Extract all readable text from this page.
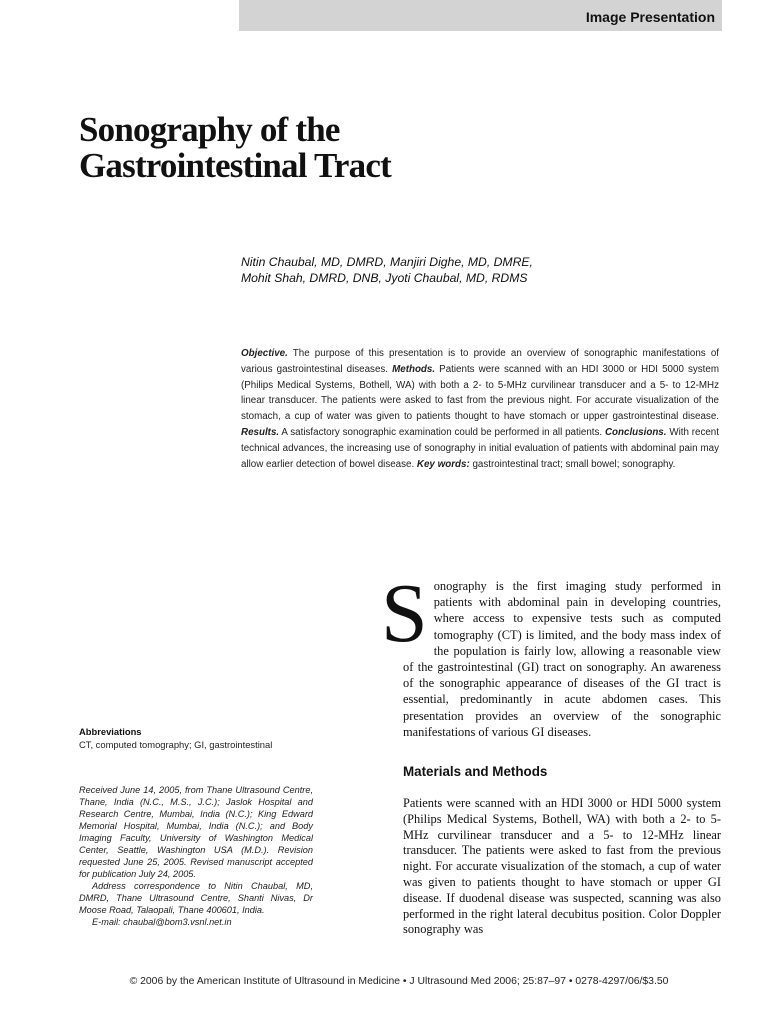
Image Presentation
Sonography of the
Gastrointestinal Tract

Nitin Chaubal, MD, DMRD, Manjiri Dighe, MD, DMRE,
Mohit Shah, DMRD, DNB, Jyoti Chaubal, MD, RDMS

Objective. The purpose of this presentation is to provide an overview of sonographic manifestations of various gastrointestinal diseases. Methods. Patients were scanned with an HDI 3000 or HDI 5000 system (Philips Medical Systems, Bothell, WA) with both a 2- to 5-MHz curvilinear transducer and a 5- to 12-MHz linear transducer. The patients were asked to fast from the previous night. For accurate visualization of the stomach, a cup of water was given to patients thought to have stomach or upper gastrointestinal disease. Results. A satisfactory sonographic examination could be performed in all patients. Conclusions. With recent technical advances, the increasing use of sonography in initial evaluation of patients with abdominal pain may allow earlier detection of bowel disease. Key words: gastrointestinal tract; small bowel; sonography.

Sonography is the first imaging study performed in patients with abdominal pain in developing countries, where access to expensive tests such as computed tomography (CT) is limited, and the body mass index of the population is fairly low, allowing a reasonable view of the gastrointestinal (GI) tract on sonography. An awareness of the sonographic appearance of diseases of the GI tract is essential, predominantly in acute abdomen cases. This presentation provides an overview of the sonographic manifestations of various GI diseases.

Materials and Methods

Patients were scanned with an HDI 3000 or HDI 5000 system (Philips Medical Systems, Bothell, WA) with both a 2- to 5-MHz curvilinear transducer and a 5- to 12-MHz linear transducer. The patients were asked to fast from the previous night. For accurate visualization of the stomach, a cup of water was given to patients thought to have stomach or upper GI disease. If duodenal disease was suspected, scanning was also performed in the right lateral decubitus position. Color Doppler sonography was

Abbreviations
CT, computed tomography; GI, gastrointestinal

Received June 14, 2005, from Thane Ultrasound Centre, Thane, India (N.C., M.S., J.C.); Jaslok Hospital and Research Centre, Mumbai, India (N.C.); King Edward Memorial Hospital, Mumbai, India (N.C.); and Body Imaging Faculty, University of Washington Medical Center, Seattle, Washington USA (M.D.). Revision requested June 25, 2005. Revised manuscript accepted for publication July 24, 2005.

Address correspondence to Nitin Chaubal, MD, DMRD, Thane Ultrasound Centre, Shanti Nivas, Dr Moose Road, Talaopali, Thane 400601, India.

E-mail: chaubal@bom3.vsnl.net.in

© 2006 by the American Institute of Ultrasound in Medicine • J Ultrasound Med 2006; 25:87–97 • 0278-4297/06/$3.50
